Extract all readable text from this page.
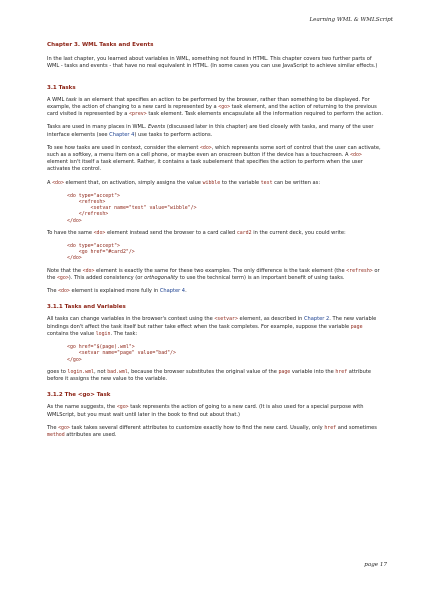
Learning WML & WMLScript
Chapter 3. WML Tasks and Events

In the last chapter, you learned about variables in WML, something not found in HTML. This chapter covers two further parts of WML - tasks and events - that have no real equivalent in HTML. (In some cases you can use JavaScript to achieve similar effects.)

3.1 Tasks

A WML task is an element that specifies an action to be performed by the browser, rather than something to be displayed. For example, the action of changing to a new card is represented by a <go> task element, and the action of returning to the previous card visited is represented by a <prev> task element. Task elements encapsulate all the information required to perform the action.

Tasks are used in many places in WML. Events (discussed later in this chapter) are tied closely with tasks, and many of the user interface elements (see Chapter 4) use tasks to perform actions.

To see how tasks are used in context, consider the element <do>, which represents some sort of control that the user can activate, such as a softkey, a menu item on a cell phone, or maybe even an onscreen button if the device has a touchscreen. A <do> element isn't itself a task element. Rather, it contains a task subelement that specifies the action to perform when the user activates the control.

A <do> element that, on activation, simply assigns the value wibble to the variable test can be written as:

<do type="accept">
<refresh>
<setvar name="test" value="wibble"/>
</refresh>
</do>

To have the same <do> element instead send the browser to a card called card2 in the current deck, you could write:

<do type="accept">
<go href="#card2"/>
</do>

Note that the <do> element is exactly the same for these two examples. The only difference is the task element (the <refresh> or the <go>). This added consistency (or orthogonality to use the technical term) is an important benefit of using tasks.

The <do> element is explained more fully in Chapter 4.

3.1.1 Tasks and Variables

All tasks can change variables in the browser's context using the <setvar> element, as described in Chapter 2. The new variable bindings don't affect the task itself but rather take effect when the task completes. For example, suppose the variable page contains the value login. The task:

<go href="$(page).wml">
<setvar name="page" value="bad"/>
</go>

goes to login.wml, not bad.wml, because the browser substitutes the original value of the page variable into the href attribute before it assigns the new value to the variable.

3.1.2 The <go> Task

As the name suggests, the <go> task represents the action of going to a new card. (It is also used for a special purpose with WMLScript, but you must wait until later in the book to find out about that.)

The <go> task takes several different attributes to customize exactly how to find the new card. Usually, only href and sometimes method attributes are used.

page 17
